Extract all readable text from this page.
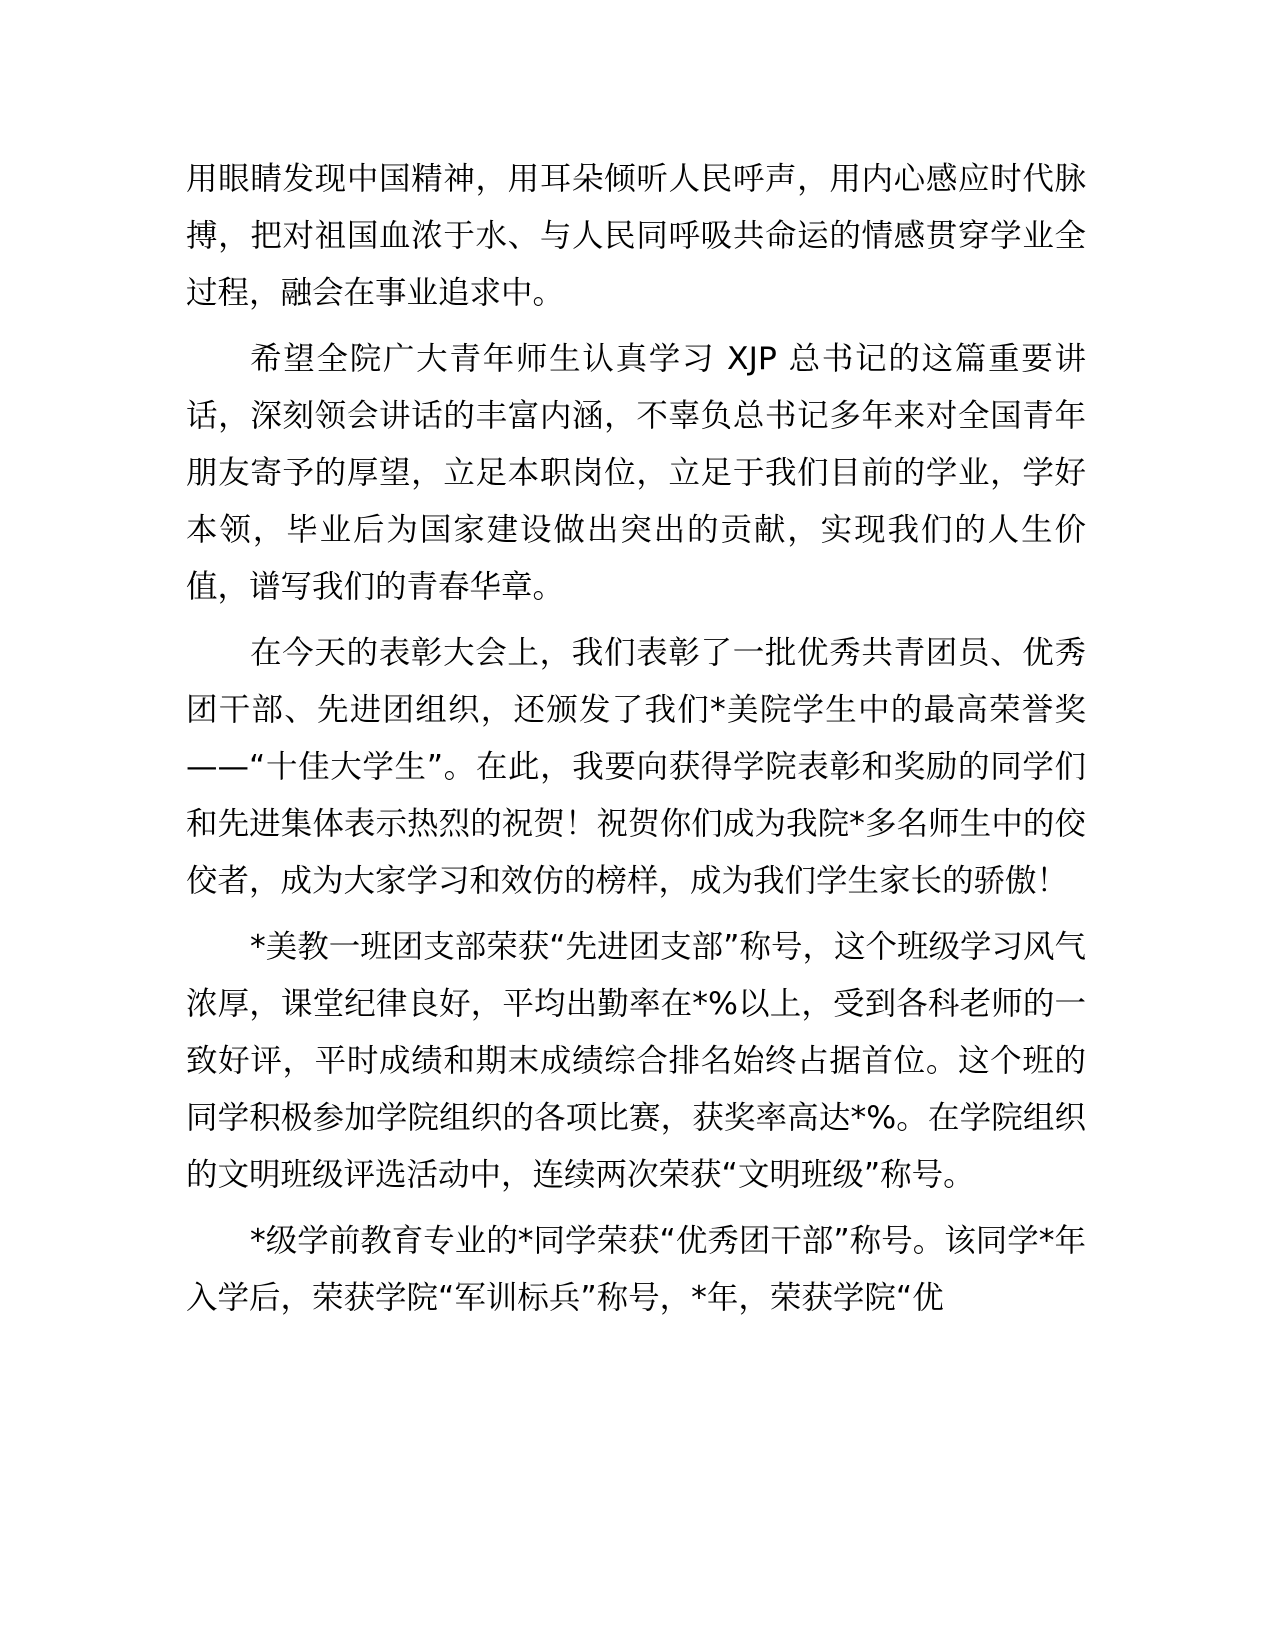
用眼睛发现中国精神，用耳朵倾听人民呼声，用内心感应时代脉搏，把对祖国血浓于水、与人民同呼吸共命运的情感贯穿学业全过程，融会在事业追求中。

希望全院广大青年师生认真学习 XJP 总书记的这篇重要讲话，深刻领会讲话的丰富内涵，不辜负总书记多年来对全国青年朋友寄予的厚望，立足本职岗位，立足于我们目前的学业，学好本领，毕业后为国家建设做出突出的贡献，实现我们的人生价值，谱写我们的青春华章。

在今天的表彰大会上，我们表彰了一批优秀共青团员、优秀团干部、先进团组织，还颁发了我们*美院学生中的最高荣誉奖——“十佳大学生”。在此，我要向获得学院表彰和奖励的同学们和先进集体表示热烈的祝贺！祝贺你们成为我院*多名师生中的佼佼者，成为大家学习和效仿的榜样，成为我们学生家长的骄傲！

*美教一班团支部荣获“先进团支部”称号，这个班级学习风气浓厚，课堂纪律良好，平均出勤率在*%以上，受到各科老师的一致好评，平时成绩和期末成绩综合排名始终占据首位。这个班的同学积极参加学院组织的各项比赛，获奖率高达*%。在学院组织的文明班级评选活动中，连续两次荣获“文明班级”称号。

*级学前教育专业的*同学荣获“优秀团干部”称号。该同学*年入学后，荣获学院“军训标兵”称号，*年，荣获学院“优
